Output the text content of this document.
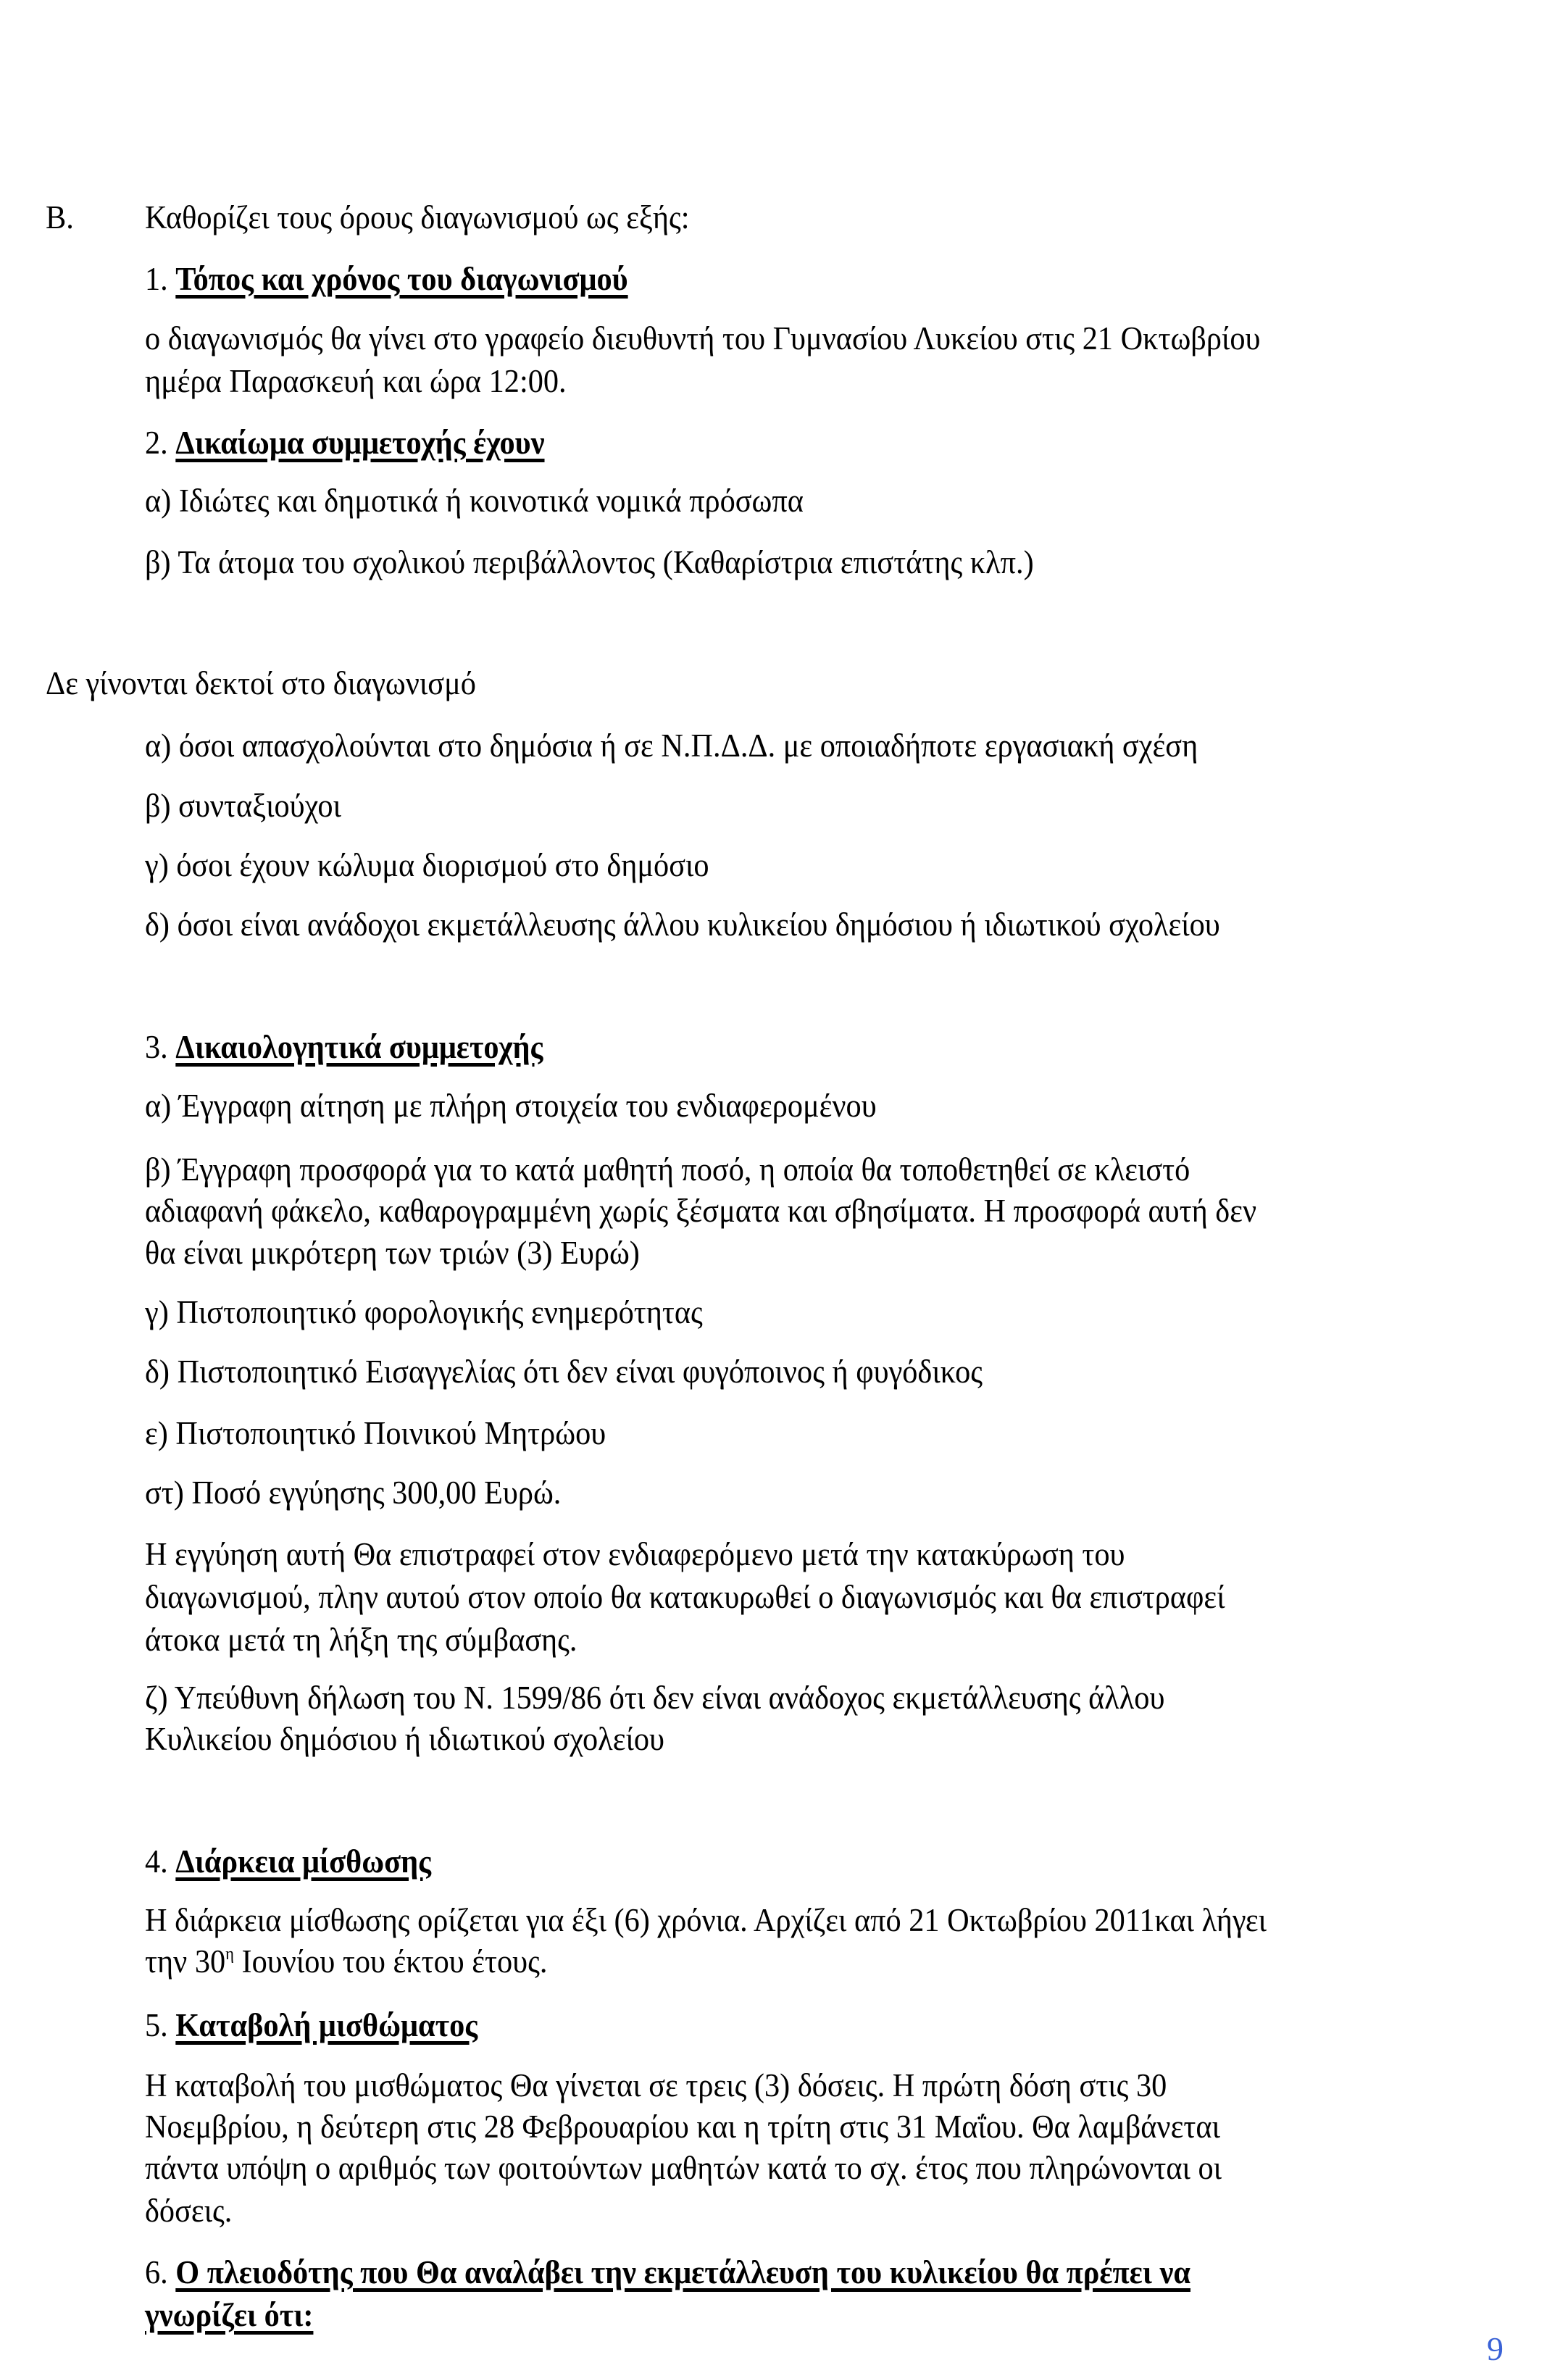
Β. Καθορίζει τους όρους διαγωνισμού ως εξής:
1. Τόπος και χρόνος του διαγωνισμού
ο διαγωνισμός θα γίνει στο γραφείο διευθυντή του Γυμνασίου Λυκείου στις 21 Οκτωβρίου
ημέρα Παρασκευή και ώρα 12:00.
2. Δικαίωμα συμμετοχής έχουν
α) Ιδιώτες και δημοτικά ή κοινοτικά νομικά πρόσωπα
β) Τα άτομα του σχολικού περιβάλλοντος (Καθαρίστρια επιστάτης κλπ.)
Δε γίνονται δεκτοί στο διαγωνισμό
α) όσοι απασχολούνται στο δημόσια ή σε Ν.Π.Δ.Δ. με οποιαδήποτε εργασιακή σχέση
β) συνταξιούχοι
γ) όσοι έχουν κώλυμα διορισμού στο δημόσιο
δ) όσοι είναι ανάδοχοι εκμετάλλευσης άλλου κυλικείου δημόσιου ή ιδιωτικού σχολείου
3. Δικαιολογητικά συμμετοχής
α) Έγγραφη αίτηση με πλήρη στοιχεία του ενδιαφερομένου
β) Έγγραφη προσφορά για το κατά μαθητή ποσό, η οποία θα τοποθετηθεί σε κλειστό
αδιαφανή φάκελο, καθαρογραμμένη χωρίς ξέσματα και σβησίματα. Η προσφορά αυτή δεν
θα είναι μικρότερη των τριών (3) Ευρώ)
γ) Πιστοποιητικό φορολογικής ενημερότητας
δ) Πιστοποιητικό Εισαγγελίας ότι δεν είναι φυγόποινος ή φυγόδικος
ε) Πιστοποιητικό Ποινικού Μητρώου
στ) Ποσό εγγύησης 300,00 Ευρώ.
Η εγγύηση αυτή Θα επιστραφεί στον ενδιαφερόμενο μετά την κατακύρωση του
διαγωνισμού, πλην αυτού στον οποίο θα κατακυρωθεί ο διαγωνισμός και θα επιστραφεί
άτοκα μετά τη λήξη της σύμβασης.
ζ) Υπεύθυνη δήλωση του Ν. 1599/86 ότι δεν είναι ανάδοχος εκμετάλλευσης άλλου
Κυλικείου δημόσιου ή ιδιωτικού σχολείου
4. Διάρκεια μίσθωσης
Η διάρκεια μίσθωσης ορίζεται για έξι (6) χρόνια. Αρχίζει από 21 Οκτωβρίου 2011και λήγει
την $30^\eta$ Ιουνίου του έκτου έτους.
5. Καταβολή μισθώματος
Η καταβολή του μισθώματος Θα γίνεται σε τρεις (3) δόσεις. Η πρώτη δόση στις 30
Νοεμβρίου, η δεύτερη στις 28 Φεβρουαρίου και η τρίτη στις 31 Μαΐου. Θα λαμβάνεται
πάντα υπόψη ο αριθμός των φοιτούντων μαθητών κατά το σχ. έτος που πληρώνονται οι
δόσεις.
6. Ο πλειοδότης που Θα αναλάβει την εκμετάλλευση του κυλικείου θα πρέπει να
γνωρίζει ότι:
9
